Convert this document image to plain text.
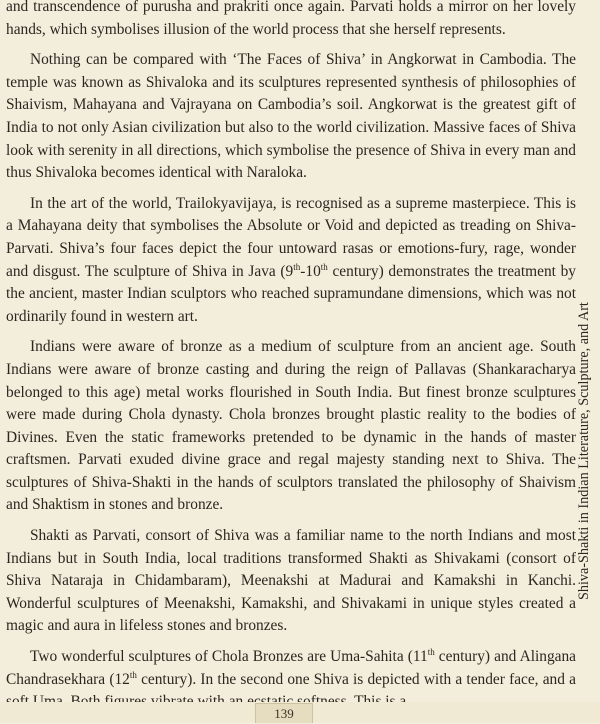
and transcendence of purusha and prakriti once again. Parvati holds a mirror on her lovely hands, which symbolises illusion of the world process that she herself represents.

Nothing can be compared with ‘The Faces of Shiva’ in Angkorwat in Cambodia. The temple was known as Shivaloka and its sculptures represented synthesis of philosophies of Shaivism, Mahayana and Vajrayana on Cambodia’s soil. Angkorwat is the greatest gift of India to not only Asian civilization but also to the world civilization. Massive faces of Shiva look with serenity in all directions, which symbolise the presence of Shiva in every man and thus Shivaloka becomes identical with Naraloka.

In the art of the world, Trailokyavijaya, is recognised as a supreme masterpiece. This is a Mahayana deity that symbolises the Absolute or Void and depicted as treading on Shiva-Parvati. Shiva’s four faces depict the four untoward rasas or emotions-fury, rage, wonder and disgust. The sculpture of Shiva in Java (9th-10th century) demonstrates the treatment by the ancient, master Indian sculptors who reached supramundane dimensions, which was not ordinarily found in western art.

Indians were aware of bronze as a medium of sculpture from an ancient age. South Indians were aware of bronze casting and during the reign of Pallavas (Shankaracharya belonged to this age) metal works flourished in South India. But finest bronze sculptures were made during Chola dynasty. Chola bronzes brought plastic reality to the bodies of Divines. Even the static frameworks pretended to be dynamic in the hands of master craftsmen. Parvati exuded divine grace and regal majesty standing next to Shiva. The sculptures of Shiva-Shakti in the hands of sculptors translated the philosophy of Shaivism and Shaktism in stones and bronze.

Shakti as Parvati, consort of Shiva was a familiar name to the north Indians and most Indians but in South India, local traditions transformed Shakti as Shivakami (consort of Shiva Nataraja in Chidambaram), Meenakshi at Madurai and Kamakshi in Kanchi. Wonderful sculptures of Meenakshi, Kamakshi, and Shivakami in unique styles created a magic and aura in lifeless stones and bronzes.

Two wonderful sculptures of Chola Bronzes are Uma-Sahita (11th century) and Alingana Chandrasekhara (12th century). In the second one Shiva is depicted with a tender face, and a

Shiva-Shakti in Indian Literature, Sculpture, and Art
139
